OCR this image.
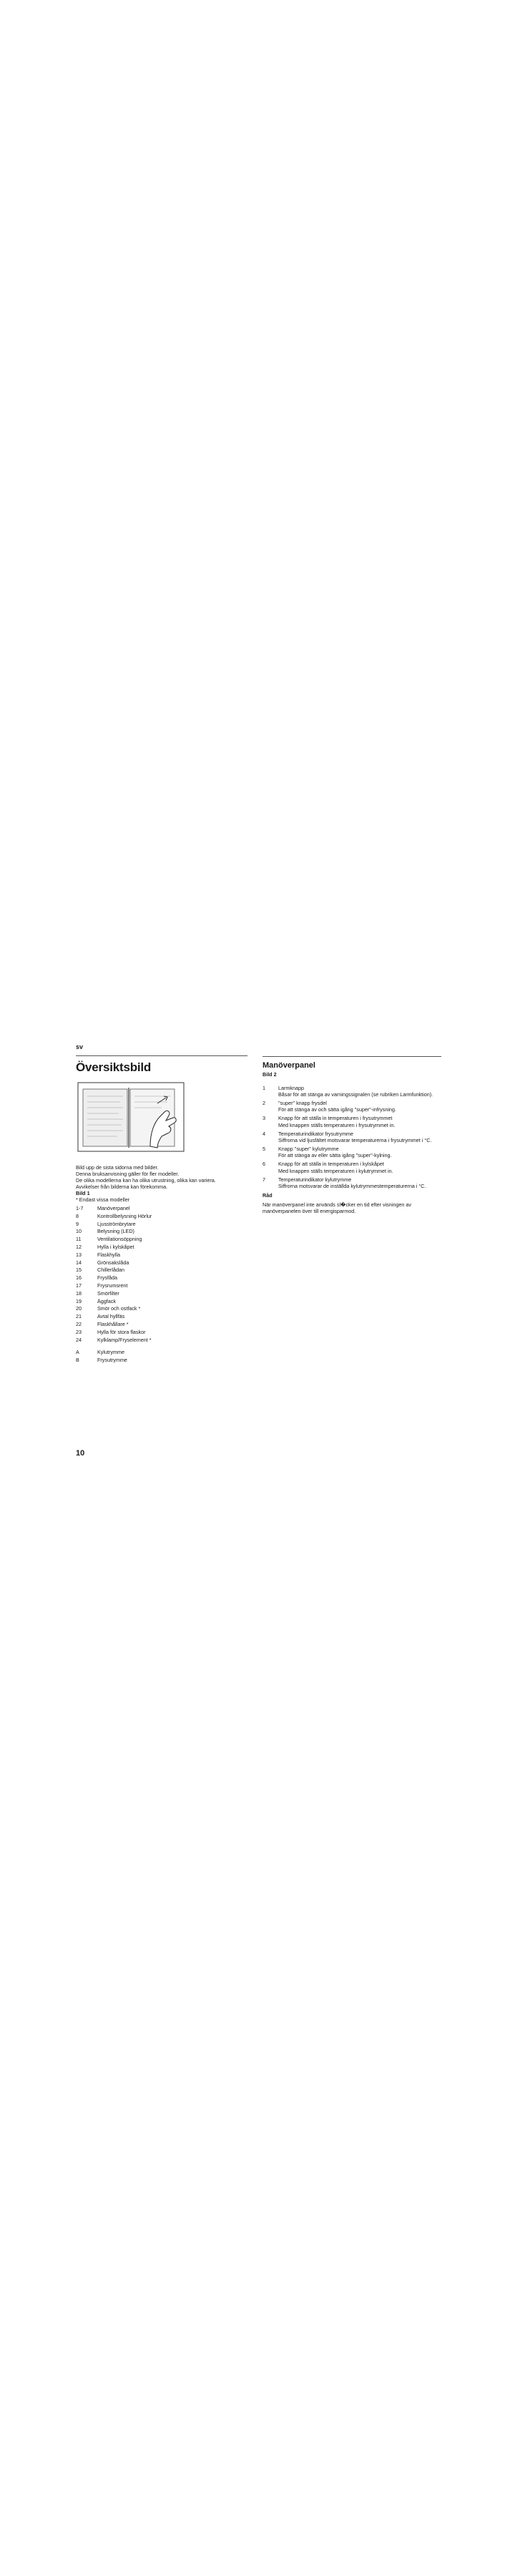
sv
Översiktsbild

Bild upp de sista sidorna med bilder.

Denna bruksanvisning gäller för fler modeller.

De olika modellerna kan ha olika utrustning, olika kan variera.

Avvikelser från bilderna kan förekomma.

Bild 1

* Endast vissa modeller

1-7	Manöverpanel
8	Kontrollbelysning Hörlur
9	Ljusströmbrytare
10	Belysning (LED)
11	Ventilationsöppning
12	Hylla i kylskåpet
13	Flaskhylla
14	Grönsakslåda
15	Chillerlådan
16	Frysfåda
17	Frysrumsrent
18	Smörfilter
19	Äggfack
20	Smör och ostfack *
21	Avtal hyllfäs
22	Flaskhållare *
23	Hylla för stora flaskor
24	Kylklamp/Fryselement *
A	Kylutrymme
B	Frysutrymme
Manöverpanel
Bild 2
1	Larmknapp
Båsar för att stänga av varningssignalen (se rubriken Larmfunktion).
2	"super" knapp frysdel
För att stänga av och sätta igång "super"-infrysning.
3	Knapp för att ställa in temperaturen i frysutrymmet
Med knappen ställs temperaturen i frysutrymmet in.
4	Temperaturindikator frysutrymme
Siffrorna vid ljusfältet motsvarar temperaturerna i frysutrymmet i °C.
5	Knapp "super" kylutrymme
För att stänga av eller sätta igång "super"-kylning.
6	Knapp för att ställa in temperaturen i kylskåpet
Med knappen ställs temperaturen i kylutrymmet in.
7	Temperaturindikator kylutrymme
Siffrorna motsvarar de inställda kylutrymmestemperaturerna i °C.
Råd

När manöverpanel inte används sl�cker en tid efter visningen av manöverpanelen över till energisparmod.

10
